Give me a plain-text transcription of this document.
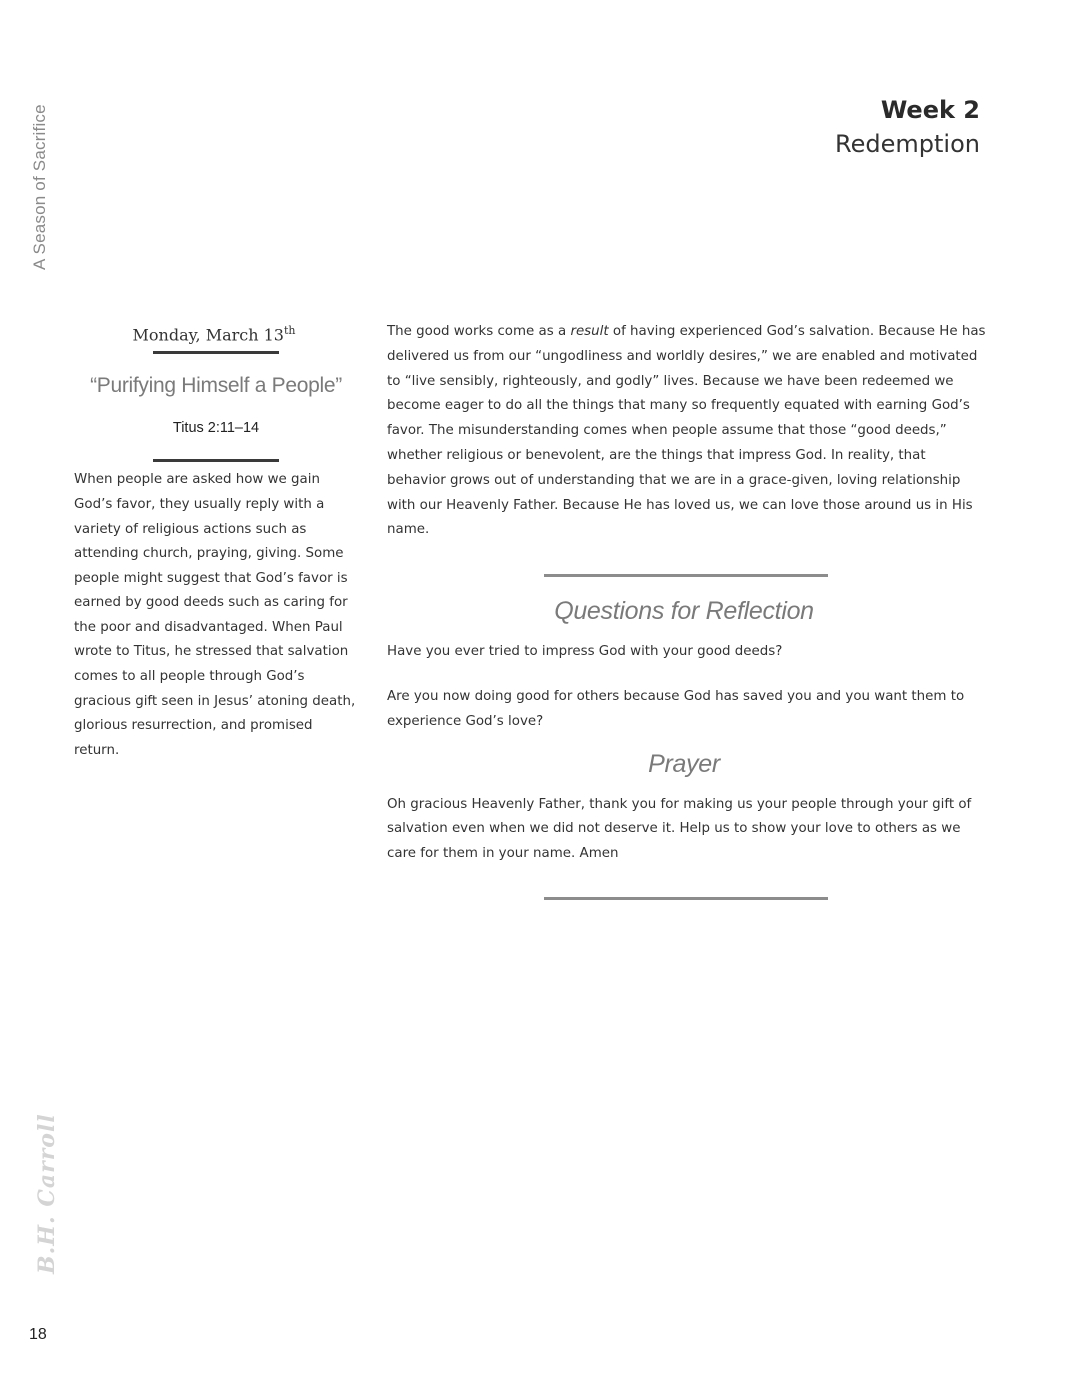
A Season of Sacrifice
B.H. Carroll
18
Week 2
Redemption
Monday, March 13th
“Purifying Himself a People”
Titus 2:11–14
When people are asked how we gain God’s favor, they usually reply with a variety of religious actions such as attending church, praying, giving. Some people might suggest that God’s favor is earned by good deeds such as caring for the poor and disadvantaged. When Paul wrote to Titus, he stressed that salvation comes to all people through God’s gracious gift seen in Jesus’ atoning death, glorious resurrection, and promised return.

The good works come as a result of having experienced God’s salvation. Because He has delivered us from our “ungodliness and worldly desires,” we are enabled and motivated to “live sensibly, righteously, and godly” lives. Because we have been redeemed we become eager to do all the things that many so frequently equated with earning God’s favor. The misunderstanding comes when people assume that those “good deeds,” whether religious or benevolent, are the things that impress God. In reality, that behavior grows out of understanding that we are in a grace-given, loving relationship with our Heavenly Father. Because He has loved us, we can love those around us in His name.

Questions for Reflection

Have you ever tried to impress God with your good deeds?

Are you now doing good for others because God has saved you and you want them to experience God’s love?

Prayer

Oh gracious Heavenly Father, thank you for making us your people through your gift of salvation even when we did not deserve it. Help us to show your love to others as we care for them in your name. Amen
